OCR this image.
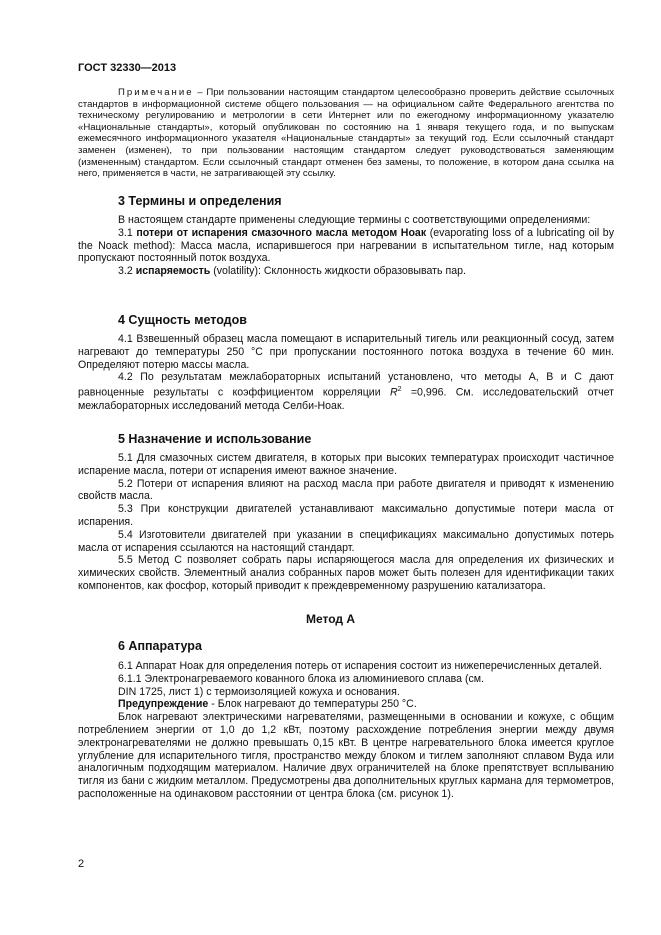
ГОСТ 32330—2013

Примечание – При пользовании настоящим стандартом целесообразно проверить действие ссылочных стандартов в информационной системе общего пользования — на официальном сайте Федерального агентства по техническому регулированию и метрологии в сети Интернет или по ежегодному информационному указателю «Национальные стандарты», который опубликован по состоянию на 1 января текущего года, и по выпускам ежемесячного информационного указателя «Национальные стандарты» за текущий год. Если ссылочный стандарт заменен (изменен), то при пользовании настоящим стандартом следует руководствоваться заменяющим (измененным) стандартом. Если ссылочный стандарт отменен без замены, то положение, в котором дана ссылка на него, применяется в части, не затрагивающей эту ссылку.

3 Термины и определения

В настоящем стандарте применены следующие термины с соответствующими определениями:

3.1 потери от испарения смазочного масла методом Ноак (evaporating loss of a lubricating oil by the Noack method): Масса масла, испарившегося при нагревании в испытательном тигле, над которым пропускают постоянный поток воздуха.

3.2 испаряемость (volatility): Склонность жидкости образовывать пар.

4 Сущность методов

4.1 Взвешенный образец масла помещают в испарительный тигель или реакционный сосуд, затем нагревают до температуры 250 °С при пропускании постоянного потока воздуха в течение 60 мин. Определяют потерю массы масла.

4.2 По результатам межлабораторных испытаний установлено, что методы А, В и С дают равноценные результаты с коэффициентом корреляции $R^2 =0,996$. См. исследовательский отчет межлабораторных исследований метода Селби-Ноак.

5 Назначение и использование

5.1 Для смазочных систем двигателя, в которых при высоких температурах происходит частичное испарение масла, потери от испарения имеют важное значение.

5.2 Потери от испарения влияют на расход масла при работе двигателя и приводят к изменению свойств масла.

5.3 При конструкции двигателей устанавливают максимально допустимые потери масла от испарения.

5.4 Изготовители двигателей при указании в спецификациях максимально допустимых потерь масла от испарения ссылаются на настоящий стандарт.

5.5 Метод С позволяет собрать пары испаряющегося масла для определения их физических и химических свойств. Элементный анализ собранных паров может быть полезен для идентификации таких компонентов, как фосфор, который приводит к преждевременному разрушению катализатора.

Метод А
6 Аппаратура

6.1 Аппарат Ноак для определения потерь от испарения состоит из нижеперечисленных деталей.

6.1.1 Электронагреваемого кованного блока из алюминиевого сплава (см.

DIN 1725, лист 1) с термоизоляцией кожуха и основания.

Предупреждение - Блок нагревают до температуры 250 °С.

Блок нагревают электрическими нагревателями, размещенными в основании и кожухе, с общим потреблением энергии от 1,0 до 1,2 кВт, поэтому расхождение потребления энергии между двумя электронагревателями не должно превышать 0,15 кВт. В центре нагревательного блока имеется круглое углубление для испарительного тигля, пространство между блоком и тиглем заполняют сплавом Вуда или аналогичным подходящим материалом. Наличие двух ограничителей на блоке препятствует всплыванию тигля из бани с жидким металлом. Предусмотрены два дополнительных круглых кармана для термометров, расположенные на одинаковом расстоянии от центра блока (см. рисунок 1).

2
